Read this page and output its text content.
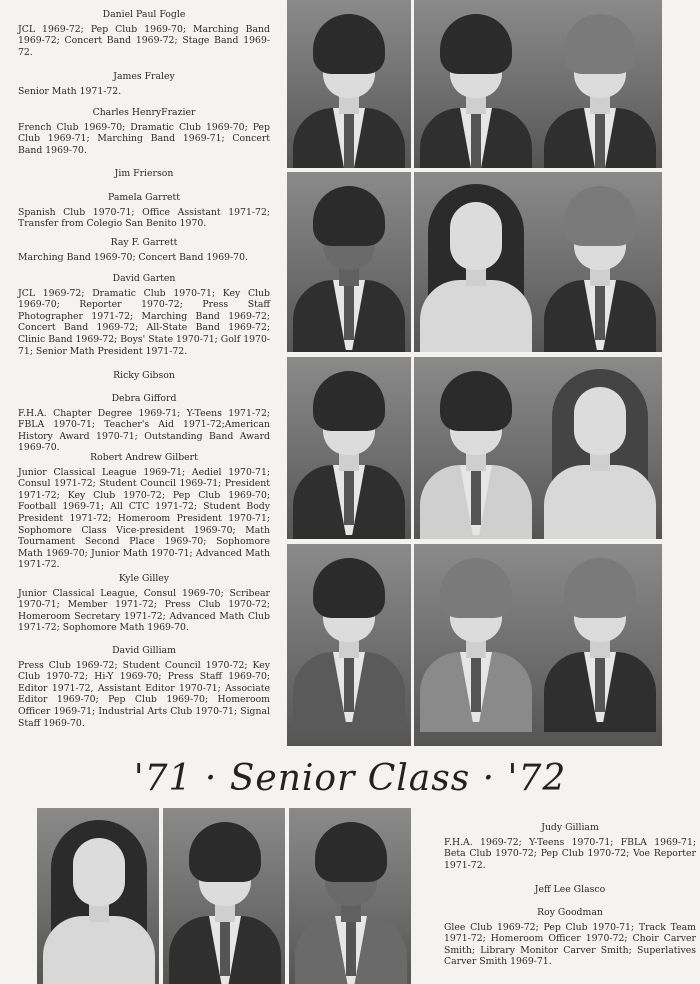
Daniel Paul Fogle
JCL 1969-72; Pep Club 1969-70; Marching Band 1969-72; Concert Band 1969-72; Stage Band 1969-72.
James Fraley
Senior Math 1971-72.
Charles HenryFrazier
French Club 1969-70; Dramatic Club 1969-70; Pep Club 1969-71; Marching Band 1969-71; Concert Band 1969-70.
Jim Frierson
Pamela Garrett
Spanish Club 1970-71; Office Assistant 1971-72; Transfer from Colegio San Benito 1970.
Ray F. Garrett
Marching Band 1969-70; Concert Band 1969-70.
David Garten
JCL 1969-72; Dramatic Club 1970-71; Key Club 1969-70; Reporter 1970-72; Press Staff Photographer 1971-72; Marching Band 1969-72; Concert Band 1969-72; All-State Band 1969-72; Clinic Band 1969-72; Boys' State 1970-71; Golf 1970-71; Senior Math President 1971-72.
Ricky Gibson
Debra Gifford
F.H.A. Chapter Degree 1969-71; Y-Teens 1971-72; FBLA 1970-71; Teacher's Aid 1971-72;American History Award 1970-71; Outstanding Band Award 1969-70.
Robert Andrew Gilbert
Junior Classical League 1969-71; Aediel 1970-71; Consul 1971-72; Student Council 1969-71; President 1971-72; Key Club 1970-72; Pep Club 1969-70; Football 1969-71; All CTC 1971-72; Student Body President 1971-72; Homeroom President 1970-71; Sophomore Class Vice-president 1969-70; Math Tournament Second Place 1969-70; Sophomore Math 1969-70; Junior Math 1970-71; Advanced Math 1971-72.
Kyle Gilley
Junior Classical League, Consul 1969-70; Scribear 1970-71; Member 1971-72; Press Club 1970-72; Homeroom Secretary 1971-72; Advanced Math Club 1971-72; Sophomore Math 1969-70.
David Gilliam
Press Club 1969-72; Student Council 1970-72; Key Club 1970-72; Hi-Y 1969-70; Press Staff 1969-70; Editor 1971-72, Assistant Editor 1970-71; Associate Editor 1969-70; Pep Club 1969-70; Homeroom Officer 1969-71; Industrial Arts Club 1970-71; Signal Staff 1969-70.
'71 · Senior Class · '72
Judy Gilliam
F.H.A. 1969-72; Y-Teens 1970-71; FBLA 1969-71; Beta Club 1970-72; Pep Club 1970-72; Voe Reporter 1971-72.
Jeff Lee Glasco
Roy Goodman
Glee Club 1969-72; Pep Club 1970-71; Track Team 1971-72; Homeroom Officer 1970-72; Choir Carver Smith; Library Monitor Carver Smith; Superlatives Carver Smith 1969-71.
